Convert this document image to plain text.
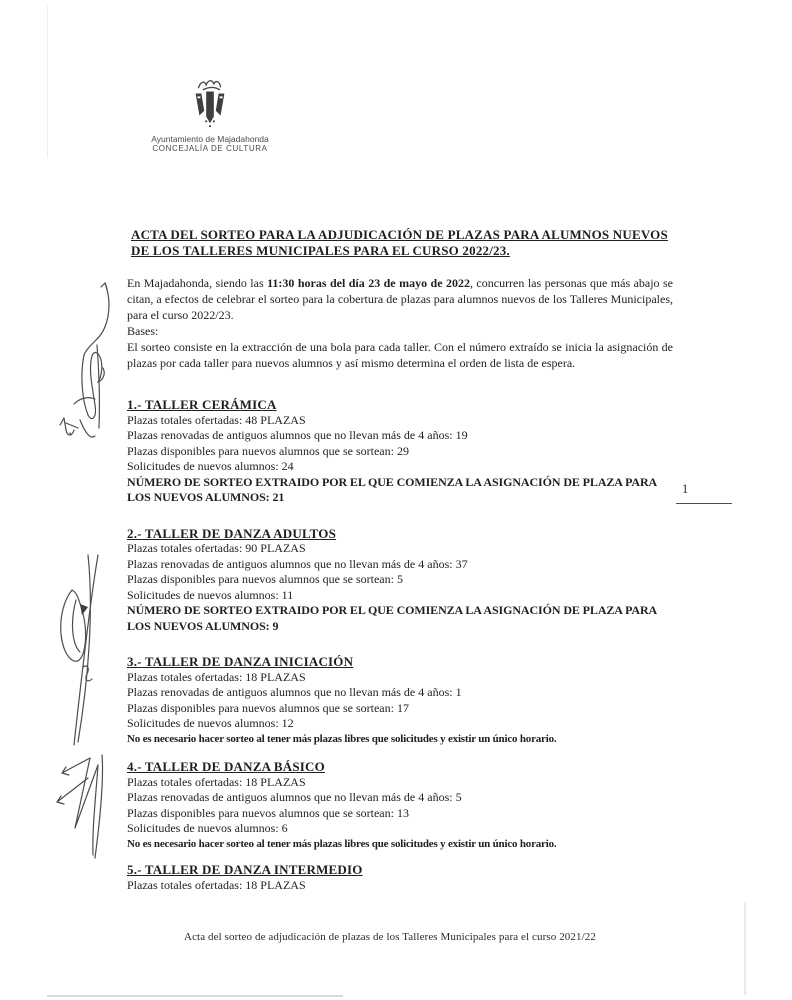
Ayuntamiento de Majadahonda
CONCEJALÍA DE CULTURA
ACTA DEL SORTEO PARA LA ADJUDICACIÓN DE PLAZAS PARA ALUMNOS NUEVOS DE LOS TALLERES MUNICIPALES PARA EL CURSO 2022/23.

En Majadahonda, siendo las 11:30 horas del día 23 de mayo de 2022, concurren las personas que más abajo se citan, a efectos de celebrar el sorteo para la cobertura de plazas para alumnos nuevos de los Talleres Municipales, para el curso 2022/23.

Bases:

El sorteo consiste en la extracción de una bola para cada taller. Con el número extraído se inicia la asignación de plazas por cada taller para nuevos alumnos y así mismo determina el orden de lista de espera.

1.- TALLER CERÁMICA
Plazas totales ofertadas: 48 PLAZAS
Plazas renovadas de antiguos alumnos que no llevan más de 4 años: 19
Plazas disponibles para nuevos alumnos que se sortean: 29
Solicitudes de nuevos alumnos: 24
NÚMERO DE SORTEO EXTRAIDO POR EL QUE COMIENZA LA ASIGNACIÓN DE PLAZA PARA
LOS NUEVOS ALUMNOS: 21
2.- TALLER DE DANZA ADULTOS
Plazas totales ofertadas: 90 PLAZAS
Plazas renovadas de antiguos alumnos que no llevan más de 4 años: 37
Plazas disponibles para nuevos alumnos que se sortean: 5
Solicitudes de nuevos alumnos: 11
NÚMERO DE SORTEO EXTRAIDO POR EL QUE COMIENZA LA ASIGNACIÓN DE PLAZA PARA
LOS NUEVOS ALUMNOS: 9
3.- TALLER DE DANZA INICIACIÓN
Plazas totales ofertadas: 18 PLAZAS
Plazas renovadas de antiguos alumnos que no llevan más de 4 años: 1
Plazas disponibles para nuevos alumnos que se sortean: 17
Solicitudes de nuevos alumnos: 12
No es necesario hacer sorteo al tener más plazas libres que solicitudes y existir un único horario.
4.- TALLER DE DANZA BÁSICO
Plazas totales ofertadas: 18 PLAZAS
Plazas renovadas de antiguos alumnos que no llevan más de 4 años: 5
Plazas disponibles para nuevos alumnos que se sortean: 13
Solicitudes de nuevos alumnos: 6
No es necesario hacer sorteo al tener más plazas libres que solicitudes y existir un único horario.
5.- TALLER DE DANZA INTERMEDIO
Plazas totales ofertadas: 18 PLAZAS
1
Acta del sorteo de adjudicación de plazas de los Talleres Municipales para el curso 2021/22
